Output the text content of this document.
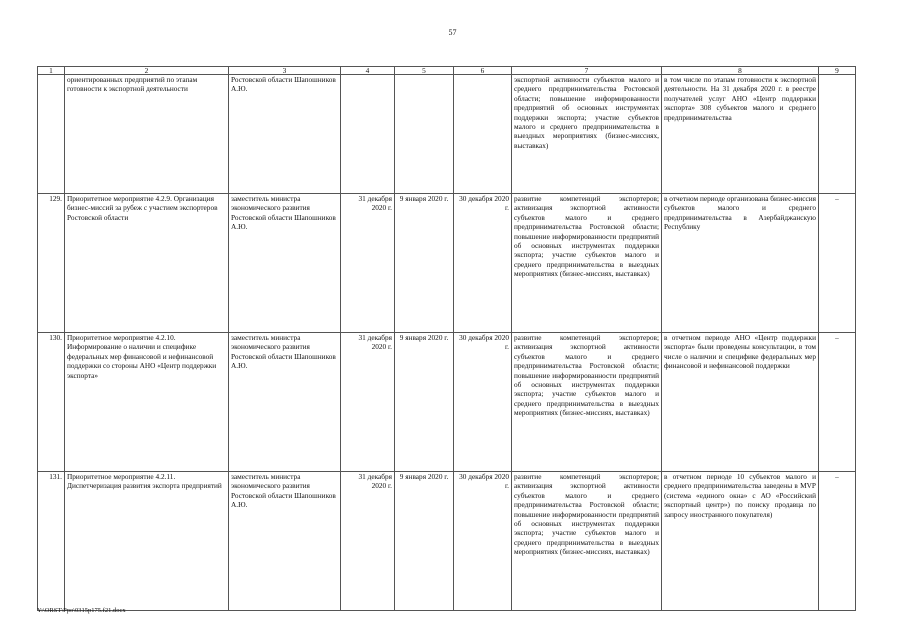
57
1	2	3	4	5	6	7	8	9
	ориентированных предприятий по этапам готовности к экспортной деятельности	Ростовской области Шапошников А.Ю.				экспортной активности субъектов малого и среднего предпринимательства Ростовской области; повышение информированности предприятий об основных инструментах поддержки экспорта; участие субъектов малого и среднего предпринимательства в выездных мероприятиях (бизнес-миссиях, выставках)	в том числе по этапам готовности к экспортной деятельности. На 31 декабря 2020 г. в реестре получателей услуг АНО «Центр поддержки экспорта» 308 субъектов малого и среднего предпринимательства	
129.	Приоритетное мероприятие 4.2.9. Организация бизнес-миссий за рубеж с участием экспортеров Ростовской области	заместитель министра экономического развития Ростовской области Шапошников А.Ю.	31 декабря 2020 г.	9 января 2020 г.	30 декабря 2020 г.	развитие компетенций экспортеров; активизация экспортной активности субъектов малого и среднего предпринимательства Ростовской области; повышение информированности предприятий об основных инструментах поддержки экспорта; участие субъектов малого и среднего предпринимательства в выездных мероприятиях (бизнес-миссиях, выставках)	в отчетном периоде организована бизнес-миссия субъектов малого и среднего предпринимательства в Азербайджанскую Республику	–
130.	Приоритетное мероприятие 4.2.10. Информирование о наличии и специфике федеральных мер финансовой и нефинансовой поддержки со стороны АНО «Центр поддержки экспорта»	заместитель министра экономического развития Ростовской области Шапошников А.Ю.	31 декабря 2020 г.	9 января 2020 г.	30 декабря 2020 г.	развитие компетенций экспортеров; активизация экспортной активности субъектов малого и среднего предпринимательства Ростовской области; повышение информированности предприятий об основных инструментах поддержки экспорта; участие субъектов малого и среднего предпринимательства в выездных мероприятиях (бизнес-миссиях, выставках)	в отчетном периоде АНО «Центр поддержки экспорта» были проведены консультации, в том числе о наличии и специфике федеральных мер финансовой и нефинансовой поддержки	–
131.	Приоритетное мероприятие 4.2.11. Диспетчеризация развития экспорта предприятий	заместитель министра экономического развития Ростовской области Шапошников А.Ю.	31 декабря 2020 г.	9 января 2020 г.	30 декабря 2020 г.	развитие компетенций экспортеров; активизация экспортной активности субъектов малого и среднего предпринимательства Ростовской области; повышение информированности предприятий об основных инструментах поддержки экспорта; участие субъектов малого и среднего предпринимательства в выездных мероприятиях (бизнес-миссиях, выставках)	в отчетном периоде 10 субъектов малого и среднего предпринимательства заведены в MVP (система «единого окна» с АО «Российский экспортный центр») по поиску продавца по запросу иностранного покупателя)	–
Y:\ORST\Ppo\0315p175.f21.docx
